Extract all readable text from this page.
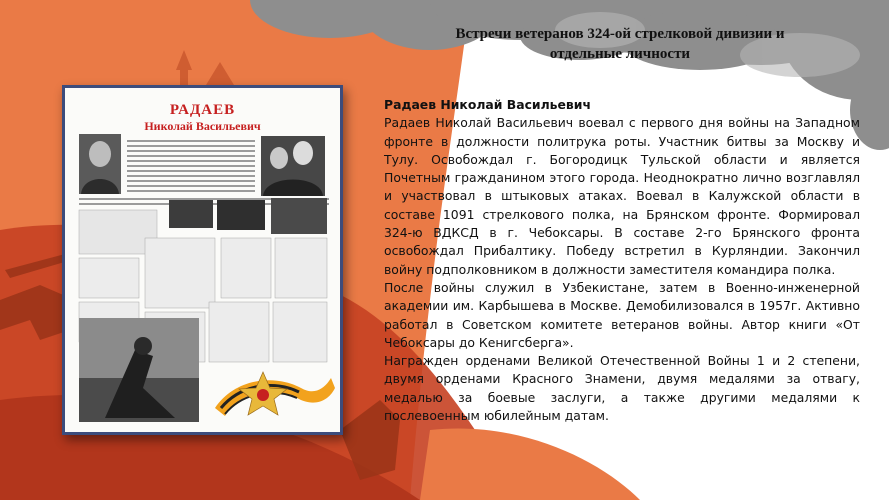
Встречи ветеранов 324-ой стрелковой дивизии и отдельные личности
РАДАЕВ
Николай Васильевич

Радаев Николай Васильевич

Радаев Николай Васильевич воевал с первого дня войны на Западном фронте в должности политрука роты. Участник битвы за Москву и Тулу. Освобождал г. Богородицк Тульской области и является Почетным гражданином этого города. Неоднократно лично возглавлял и участвовал в штыковых атаках. Воевал в Калужской области в составе 1091 стрелкового полка, на Брянском фронте. Формировал 324-ю ВДКСД в г. Чебоксары. В составе 2-го Брянского фронта освобождал Прибалтику. Победу встретил в Курляндии. Закончил войну подполковником в должности заместителя командира полка.

После войны служил в Узбекистане, затем в Военно-инженерной академии им. Карбышева в Москве. Демобилизовался в 1957г. Активно работал в Советском комитете ветеранов войны. Автор книги «От Чебоксары до Кенигсберга».

Награжден орденами Великой Отечественной Войны 1 и 2 степени, двумя орденами Красного Знамени, двумя медалями за отвагу, медалью за боевые заслуги, а также другими медалями к послевоенным юбилейным датам.
